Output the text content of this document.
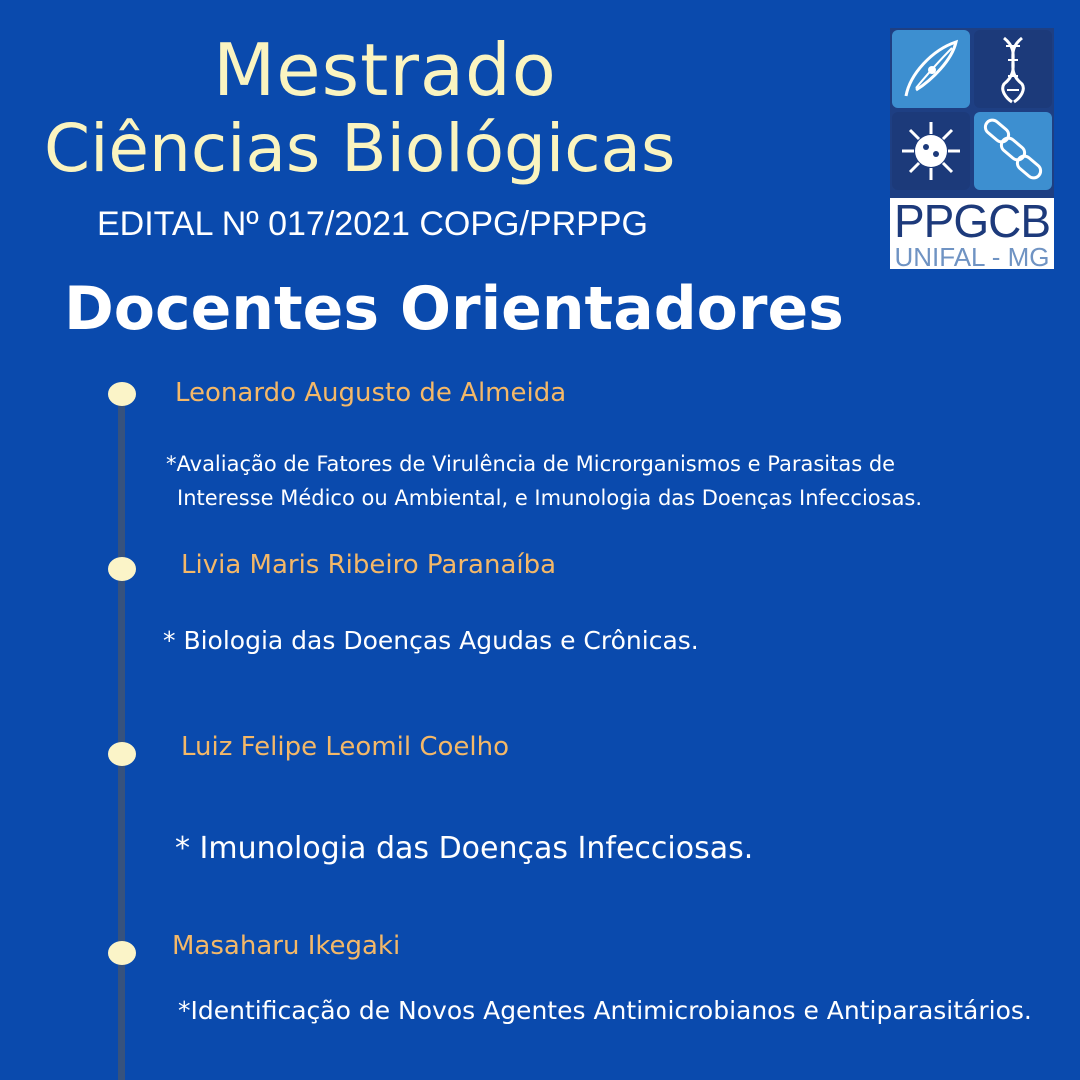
Mestrado
Ciências Biológicas
EDITAL Nº 017/2021 COPG/PRPPG
Docentes Orientadores
PPGCB
UNIFAL - MG
Leonardo Augusto de Almeida
*Avaliação de Fatores de Virulência de Microrganismos e Parasitas de
Interesse Médico ou Ambiental, e Imunologia das Doenças Infecciosas.
Livia Maris Ribeiro Paranaíba
* Biologia das Doenças Agudas e Crônicas.
Luiz Felipe Leomil Coelho
* Imunologia das Doenças Infecciosas.
Masaharu Ikegaki
*Identificação de Novos Agentes Antimicrobianos e Antiparasitários.
